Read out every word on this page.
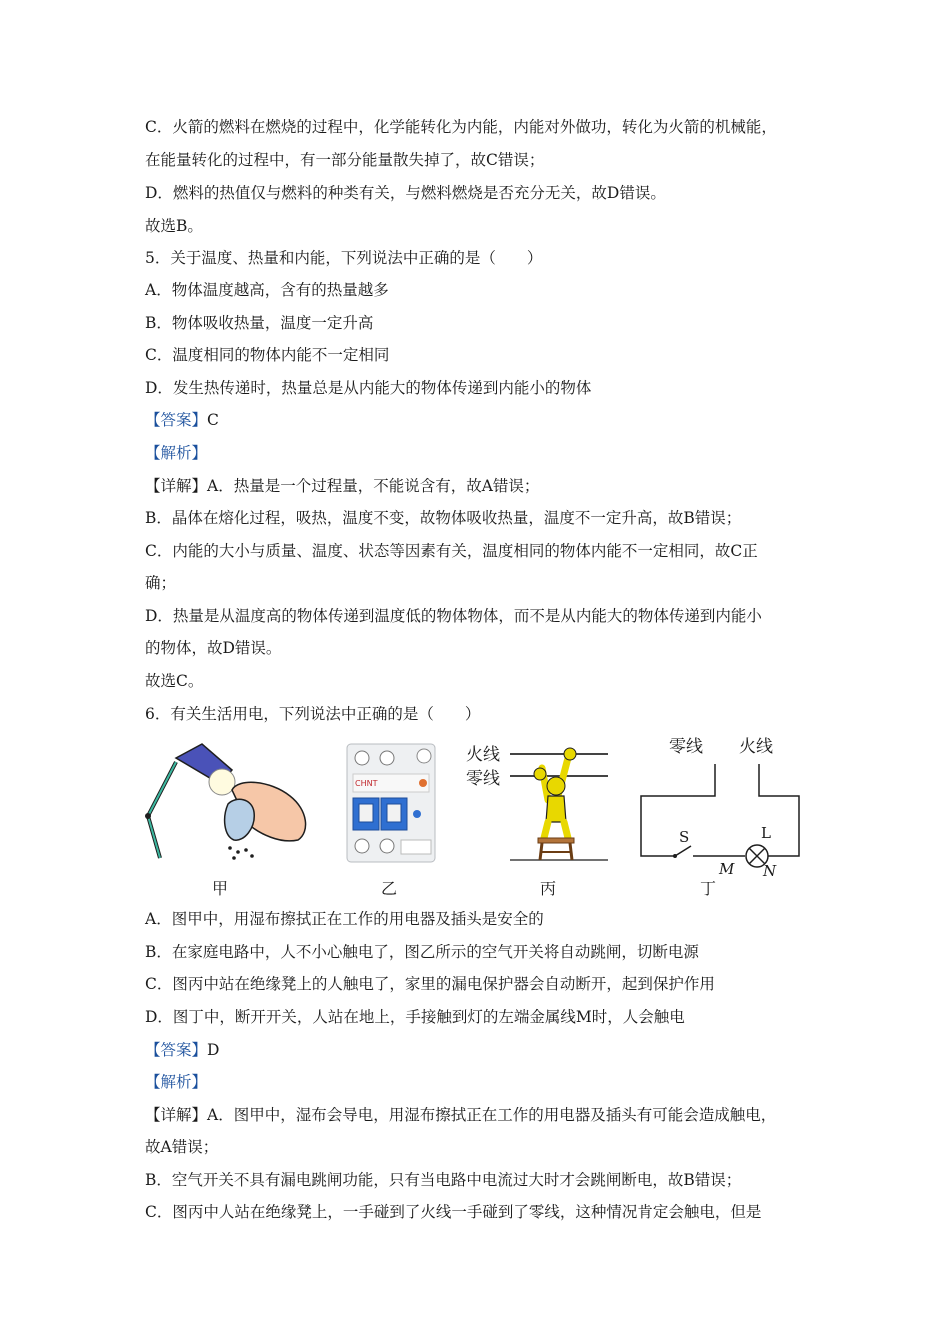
C．火箭的燃料在燃烧的过程中，化学能转化为内能，内能对外做功，转化为火箭的机械能，
在能量转化的过程中，有一部分能量散失掉了，故C错误；
D．燃料的热值仅与燃料的种类有关，与燃料燃烧是否充分无关，故D错误。
故选B。
5．关于温度、热量和内能，下列说法中正确的是（　　）
A．物体温度越高，含有的热量越多
B．物体吸收热量，温度一定升高
C．温度相同的物体内能不一定相同
D．发生热传递时，热量总是从内能大的物体传递到内能小的物体
【答案】C
【解析】
【详解】A．热量是一个过程量，不能说含有，故A错误；
B．晶体在熔化过程，吸热，温度不变，故物体吸收热量，温度不一定升高，故B错误；
C．内能的大小与质量、温度、状态等因素有关，温度相同的物体内能不一定相同，故C正
确；
D．热量是从温度高的物体传递到温度低的物体物体，而不是从内能大的物体传递到内能小
的物体，故D错误。
故选C。
6．有关生活用电，下列说法中正确的是（　　）
甲
CHNT
乙
火线
零线
丙
零线 火线
S	L
M N
丁
A．图甲中，用湿布擦拭正在工作的用电器及插头是安全的
B．在家庭电路中，人不小心触电了，图乙所示的空气开关将自动跳闸，切断电源
C．图丙中站在绝缘凳上的人触电了，家里的漏电保护器会自动断开，起到保护作用
D．图丁中，断开开关，人站在地上，手接触到灯的左端金属线M时，人会触电
【答案】D
【解析】
【详解】A．图甲中，湿布会导电，用湿布擦拭正在工作的用电器及插头有可能会造成触电，
故A错误；
B．空气开关不具有漏电跳闸功能，只有当电路中电流过大时才会跳闸断电，故B错误；
C．图丙中人站在绝缘凳上，一手碰到了火线一手碰到了零线，这种情况肯定会触电，但是
